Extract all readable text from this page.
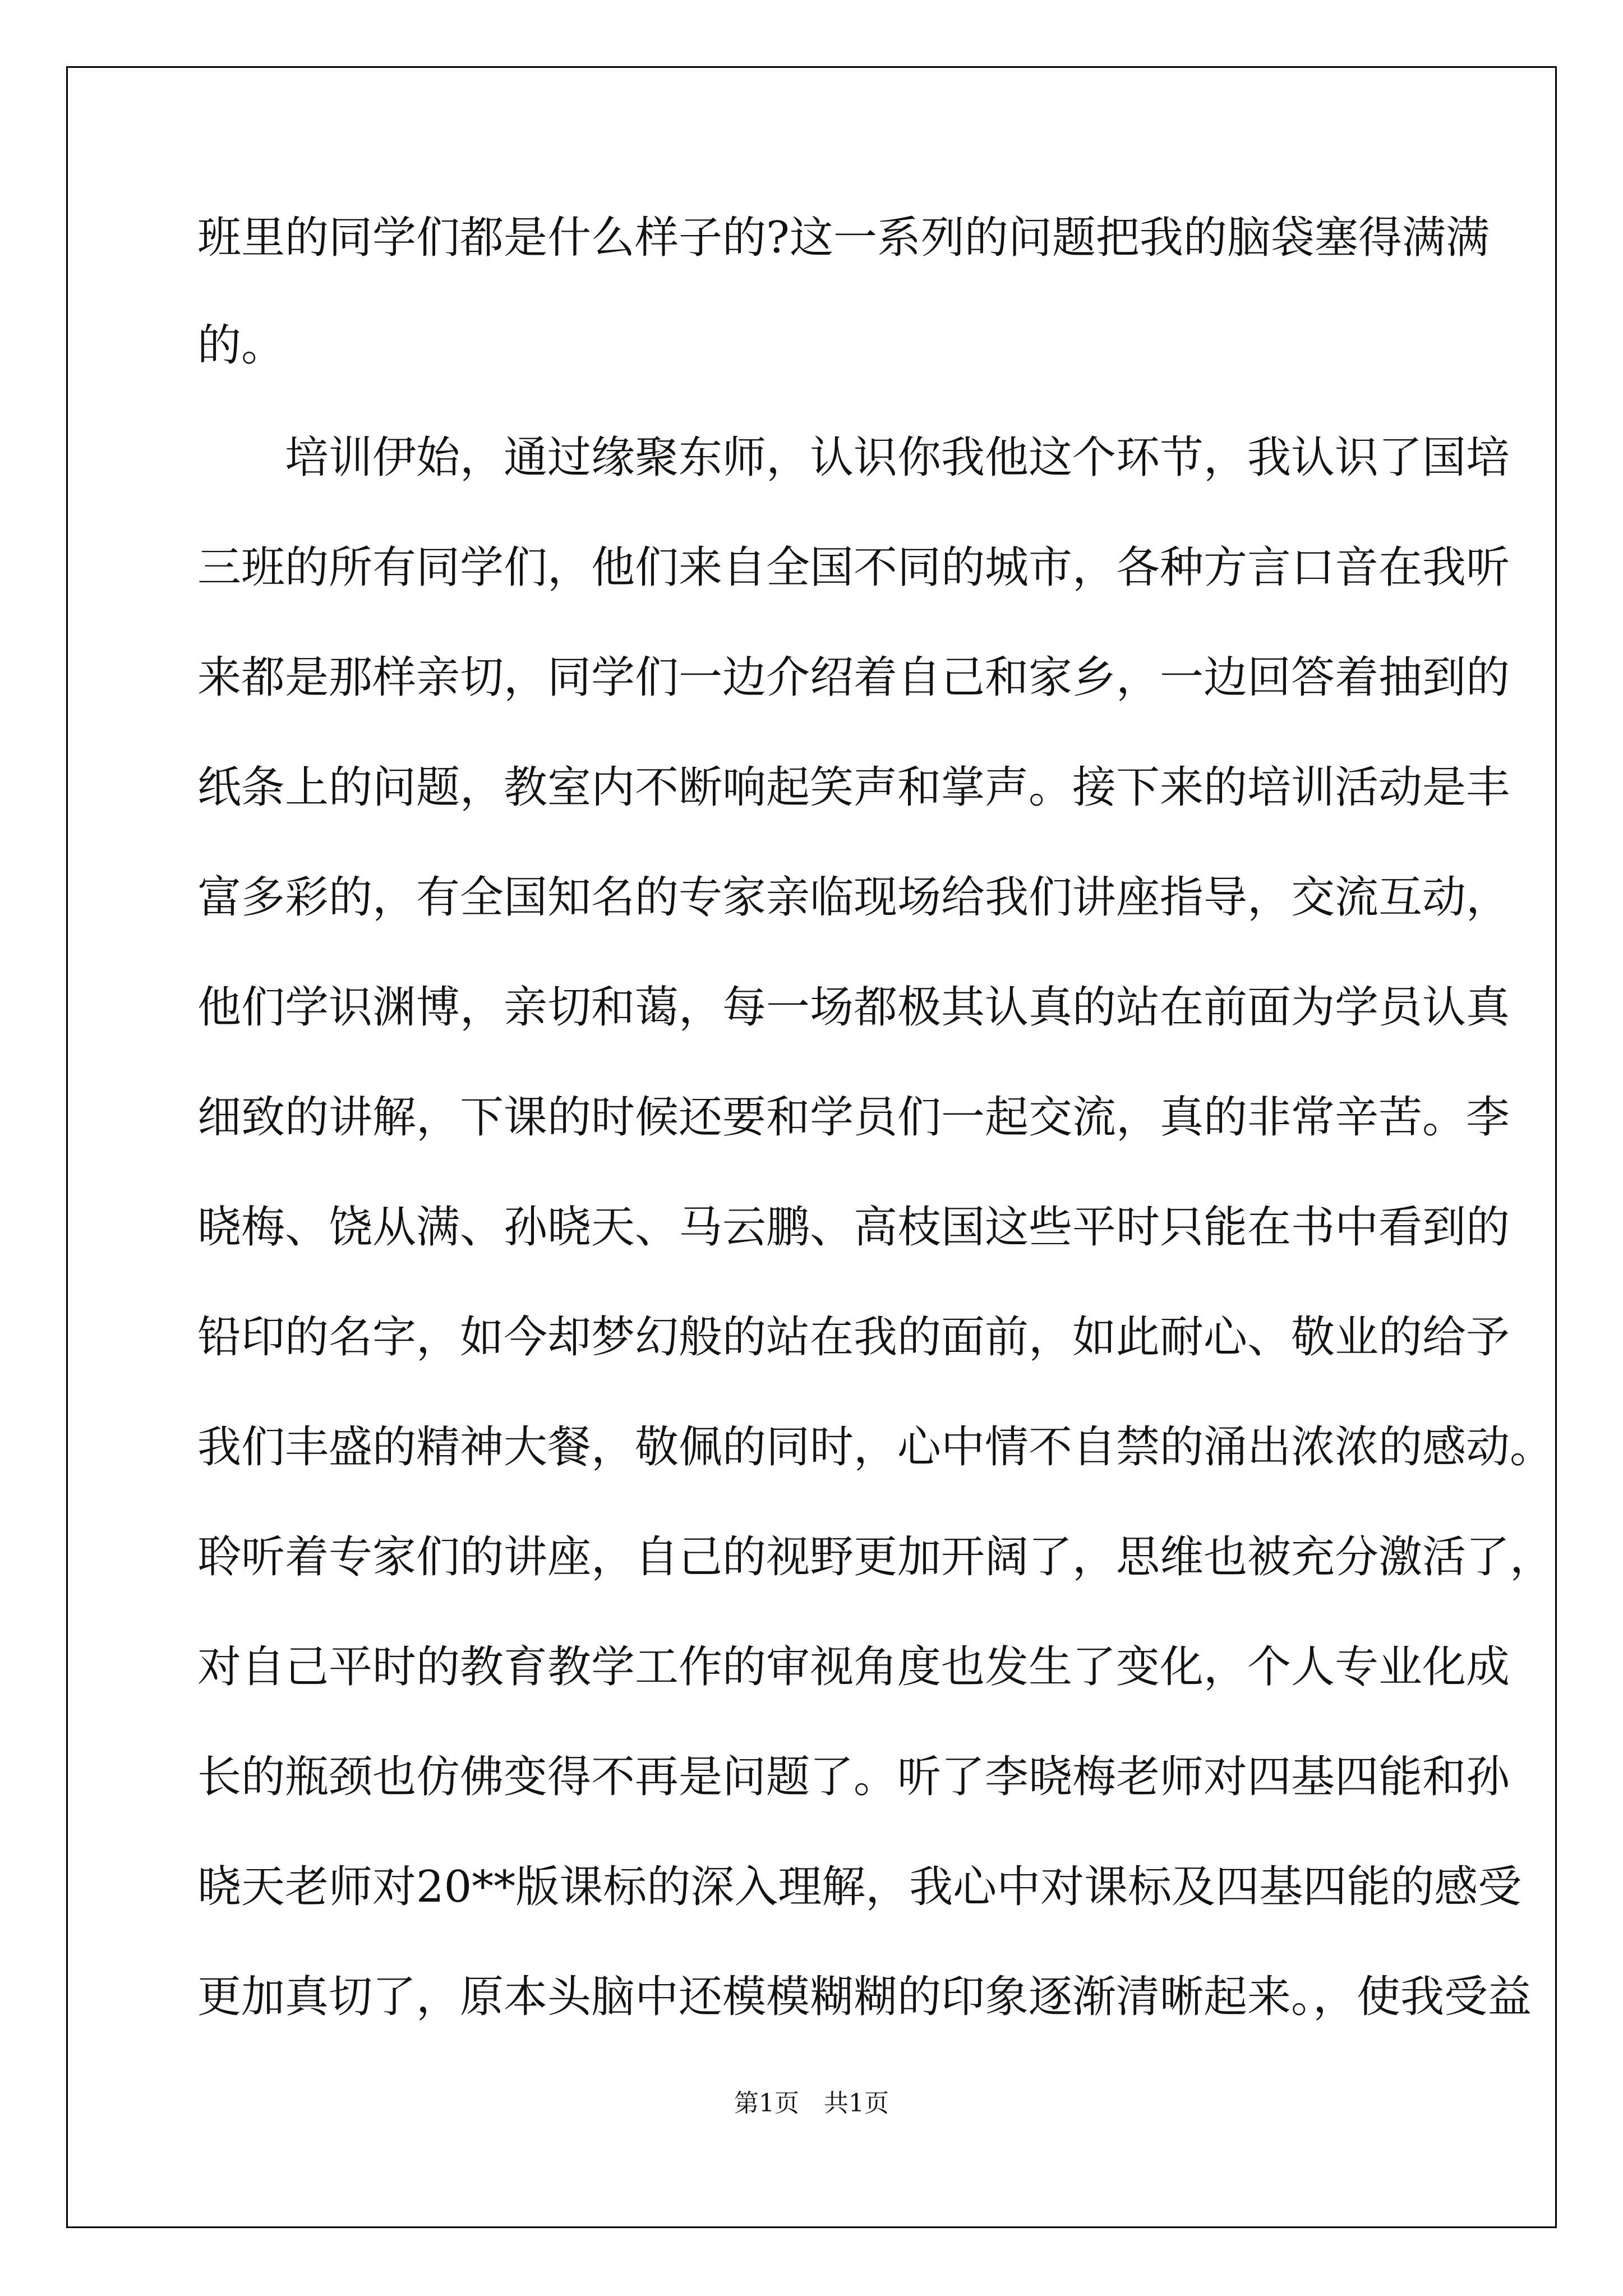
班里的同学们都是什么样子的?这一系列的问题把我的脑袋塞得满满
的。
　　培训伊始，通过缘聚东师，认识你我他这个环节，我认识了国培
三班的所有同学们，他们来自全国不同的城市，各种方言口音在我听
来都是那样亲切，同学们一边介绍着自己和家乡，一边回答着抽到的
纸条上的问题，教室内不断响起笑声和掌声。接下来的培训活动是丰
富多彩的，有全国知名的专家亲临现场给我们讲座指导，交流互动，
他们学识渊博，亲切和蔼，每一场都极其认真的站在前面为学员认真
细致的讲解，下课的时候还要和学员们一起交流，真的非常辛苦。李
晓梅、饶从满、孙晓天、马云鹏、高枝国这些平时只能在书中看到的
铅印的名字，如今却梦幻般的站在我的面前，如此耐心、敬业的给予
我们丰盛的精神大餐，敬佩的同时，心中情不自禁的涌出浓浓的感动。
聆听着专家们的讲座，自己的视野更加开阔了，思维也被充分激活了，
对自己平时的教育教学工作的审视角度也发生了变化，个人专业化成
长的瓶颈也仿佛变得不再是问题了。听了李晓梅老师对四基四能和孙
晓天老师对20**版课标的深入理解，我心中对课标及四基四能的感受
更加真切了，原本头脑中还模模糊糊的印象逐渐清晰起来。，使我受益
第1页　共1页
